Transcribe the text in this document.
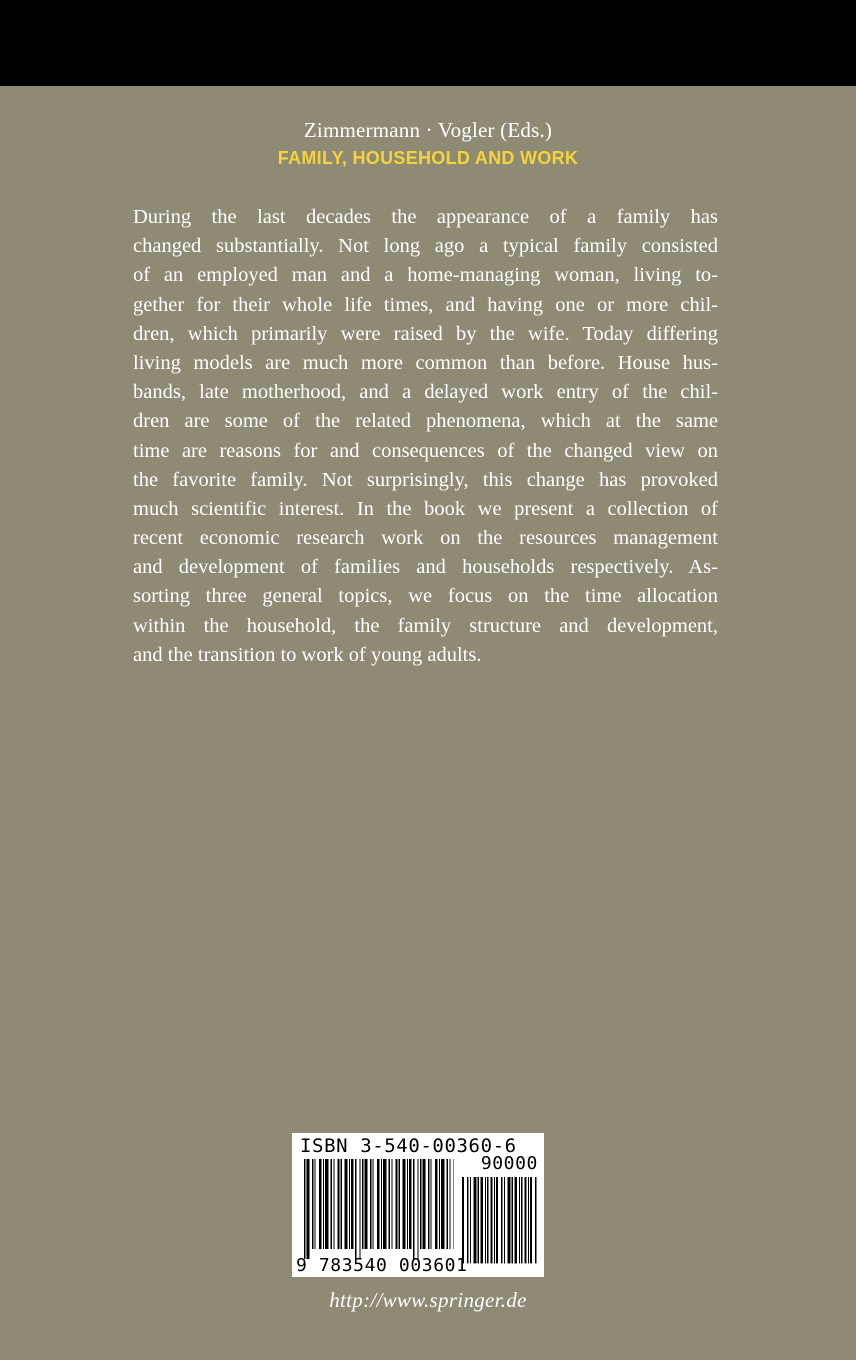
Zimmermann · Vogler (Eds.)
FAMILY, HOUSEHOLD AND WORK
During the last decades the appearance of a family has
changed substantially. Not long ago a typical family consisted
of an employed man and a home-managing woman, living to-
gether for their whole life times, and having one or more chil-
dren, which primarily were raised by the wife. Today differing
living models are much more common than before. House hus-
bands, late motherhood, and a delayed work entry of the chil-
dren are some of the related phenomena, which at the same
time are reasons for and consequences of the changed view on
the favorite family. Not surprisingly, this change has provoked
much scientific interest. In the book we present a collection of
recent economic research work on the resources management
and development of families and households respectively. As-
sorting three general topics, we focus on the time allocation
within the household, the family structure and development,
and the transition to work of young adults.
ISBN 3-540-00360-6
90000
9 783540 003601
http://www.springer.de
